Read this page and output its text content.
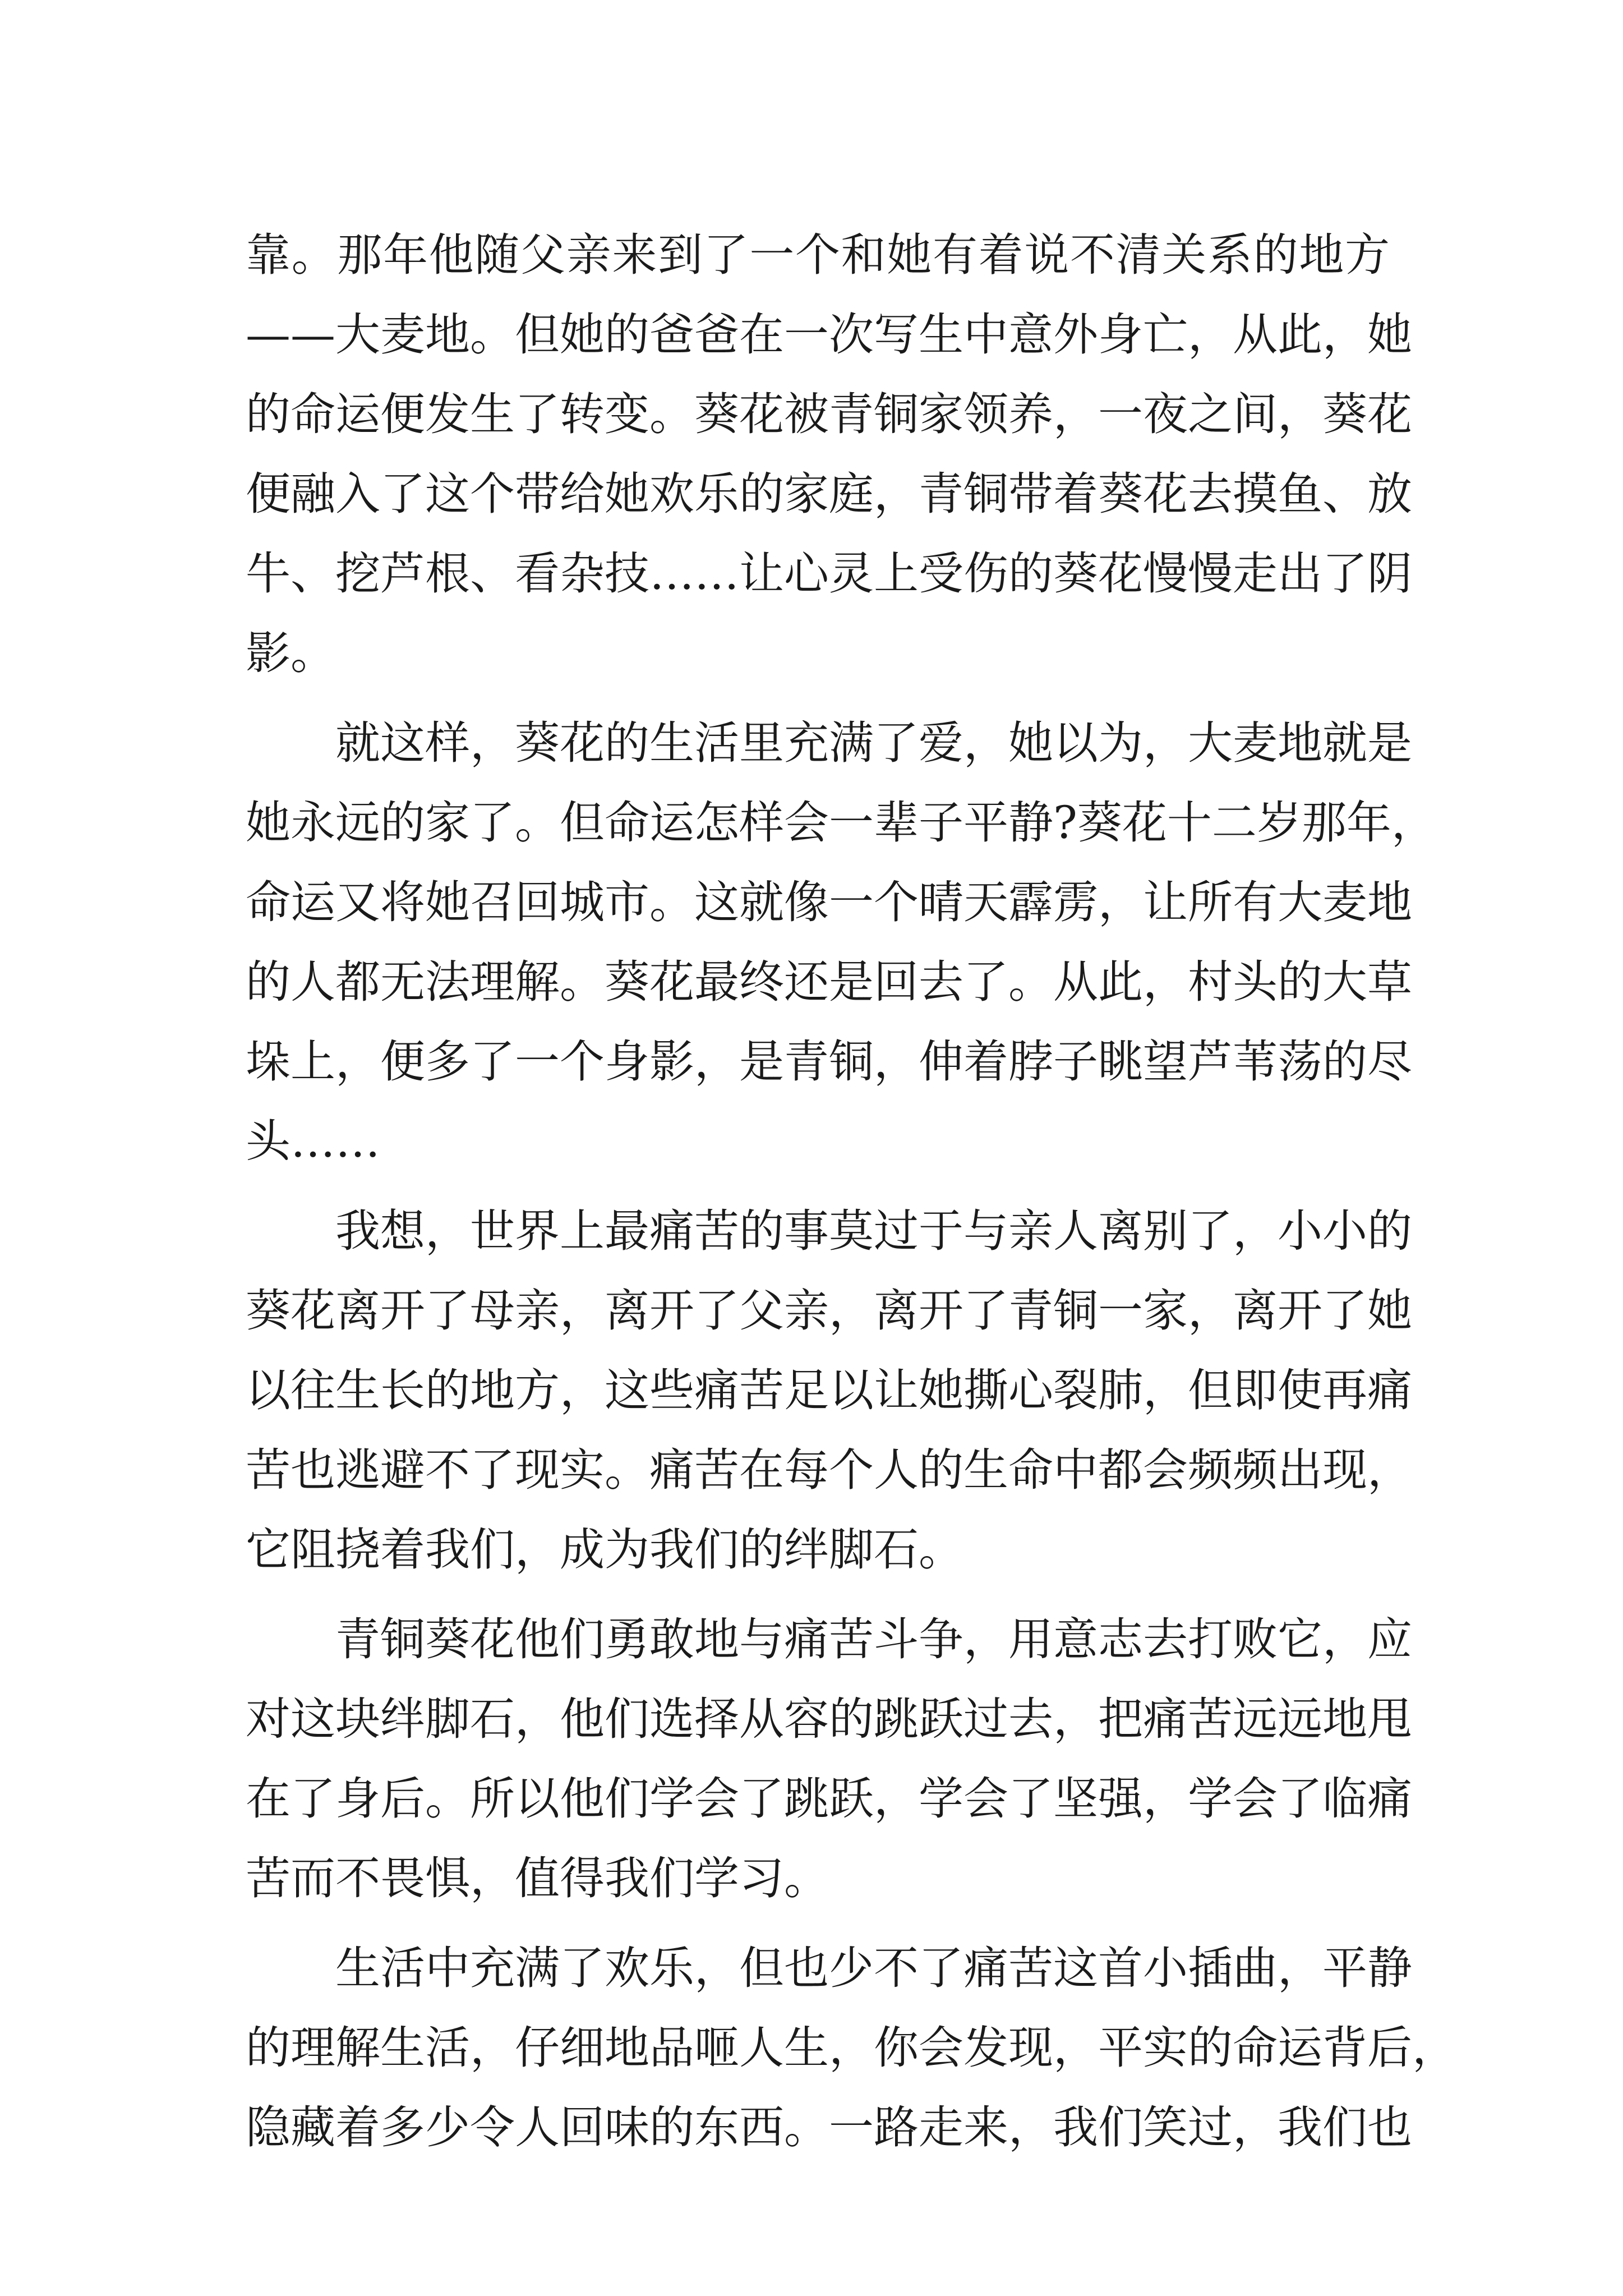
靠。那年他随父亲来到了一个和她有着说不清关系的地方
——大麦地。但她的爸爸在一次写生中意外身亡，从此，她
的命运便发生了转变。葵花被青铜家领养，一夜之间，葵花
便融入了这个带给她欢乐的家庭，青铜带着葵花去摸鱼、放
牛、挖芦根、看杂技……让心灵上受伤的葵花慢慢走出了阴
影。
就这样，葵花的生活里充满了爱，她以为，大麦地就是
她永远的家了。但命运怎样会一辈子平静?葵花十二岁那年，
命运又将她召回城市。这就像一个晴天霹雳，让所有大麦地
的人都无法理解。葵花最终还是回去了。从此，村头的大草
垛上，便多了一个身影，是青铜，伸着脖子眺望芦苇荡的尽
头……
我想，世界上最痛苦的事莫过于与亲人离别了，小小的
葵花离开了母亲，离开了父亲，离开了青铜一家，离开了她
以往生长的地方，这些痛苦足以让她撕心裂肺，但即使再痛
苦也逃避不了现实。痛苦在每个人的生命中都会频频出现，
它阻挠着我们，成为我们的绊脚石。
青铜葵花他们勇敢地与痛苦斗争，用意志去打败它，应
对这块绊脚石，他们选择从容的跳跃过去，把痛苦远远地甩
在了身后。所以他们学会了跳跃，学会了坚强，学会了临痛
苦而不畏惧，值得我们学习。
生活中充满了欢乐，但也少不了痛苦这首小插曲，平静
的理解生活，仔细地品咂人生，你会发现，平实的命运背后，
隐藏着多少令人回味的东西。一路走来，我们笑过，我们也
